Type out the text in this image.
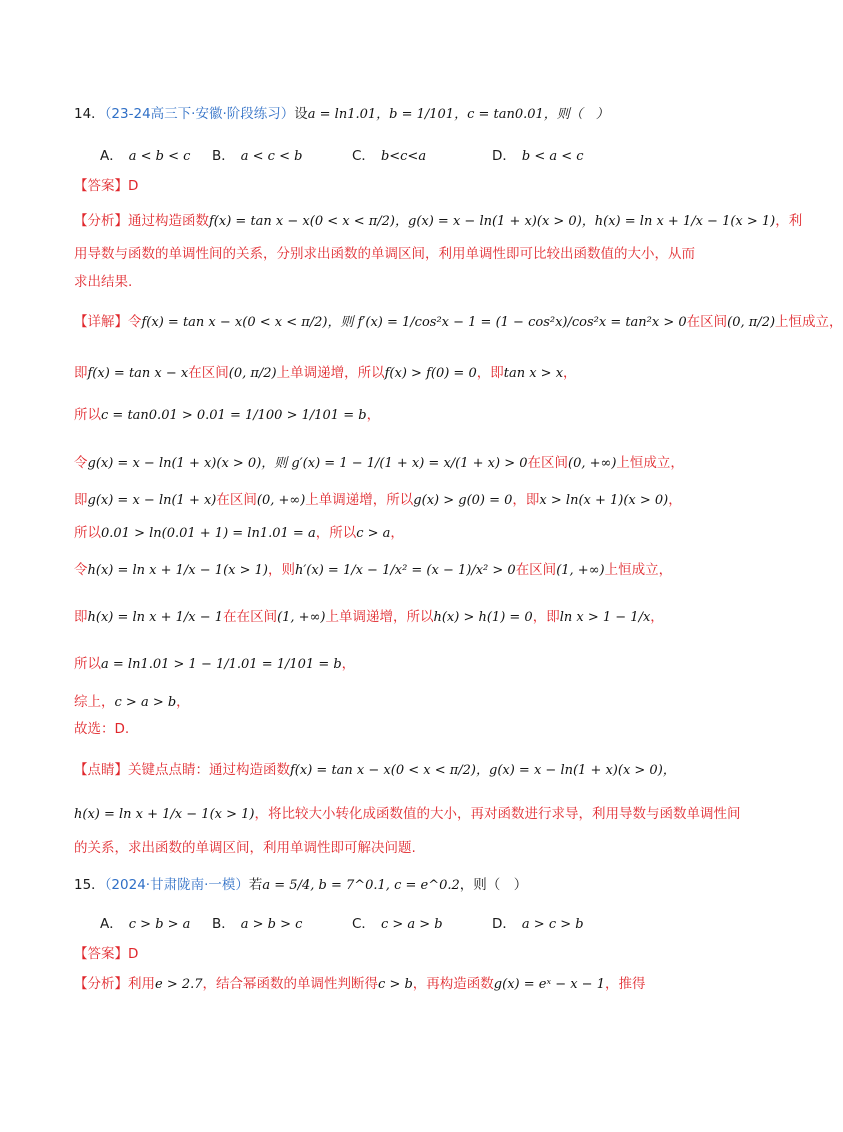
14．（23-24高三下·安徽·阶段练习）设a = ln1.01，b = 1/101，c = tan0.01，则（　）
A． a < b < c B． a < c < b	C． b<c<a	D． b < a < c
【答案】D
【分析】通过构造函数f(x) = tan x − x(0 < x < π/2)，g(x) = x − ln(1 + x)(x > 0)，h(x) = ln x + 1/x − 1(x > 1)，利
用导数与函数的单调性间的关系，分别求出函数的单调区间，利用单调性即可比较出函数值的大小，从而
求出结果.
【详解】令f(x) = tan x − x(0 < x < π/2)，则 f′(x) = 1/cos²x − 1 = (1 − cos²x)/cos²x = tan²x > 0在区间(0, π/2)上恒成立，
即f(x) = tan x − x在区间(0, π/2)上单调递增，所以f(x) > f(0) = 0，即tan x > x，
所以c = tan0.01 > 0.01 = 1/100 > 1/101 = b，
令g(x) = x − ln(1 + x)(x > 0)，则 g′(x) = 1 − 1/(1 + x) = x/(1 + x) > 0在区间(0, +∞)上恒成立，
即g(x) = x − ln(1 + x)在区间(0, +∞)上单调递增，所以g(x) > g(0) = 0，即x > ln(x + 1)(x > 0)，
所以0.01 > ln(0.01 + 1) = ln1.01 = a，所以c > a，
令h(x) = ln x + 1/x − 1(x > 1)，则h′(x) = 1/x − 1/x² = (x − 1)/x² > 0在区间(1, +∞)上恒成立，
即h(x) = ln x + 1/x − 1在在区间(1, +∞)上单调递增，所以h(x) > h(1) = 0，即ln x > 1 − 1/x，
所以a = ln1.01 > 1 − 1/1.01 = 1/101 = b，
综上，c > a > b，
故选：D.
【点睛】关键点点睛：通过构造函数f(x) = tan x − x(0 < x < π/2)，g(x) = x − ln(1 + x)(x > 0)，
h(x) = ln x + 1/x − 1(x > 1)，将比较大小转化成函数值的大小，再对函数进行求导，利用导数与函数单调性间
的关系，求出函数的单调区间，利用单调性即可解决问题.
15．（2024·甘肃陇南·一模）若a = 5/4, b = 7^0.1, c = e^0.2，则（　）
A． c > b > a B． a > b > c	C． c > a > b	D． a > c > b
【答案】D
【分析】利用e > 2.7，结合幂函数的单调性判断得c > b，再构造函数g(x) = eˣ − x − 1，推得
